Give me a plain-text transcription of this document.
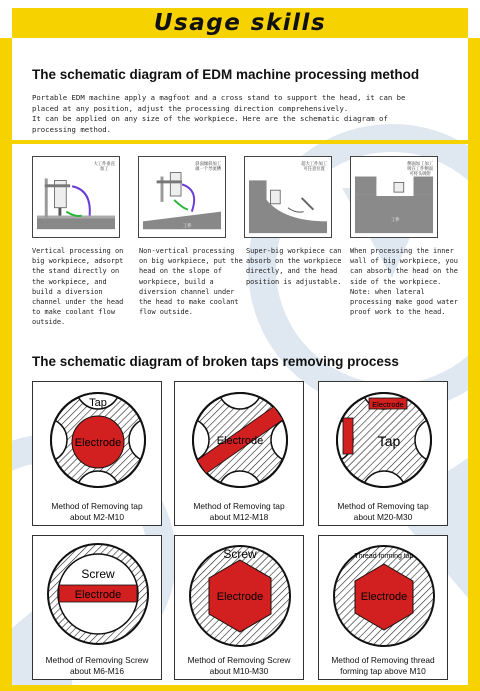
Usage skills
The schematic diagram of EDM machine processing method
Portable EDM machine apply a magfoot and a cross stand to support the head, it can be
placed at any position, adjust the processing direction comprehensively.
It can be applied on any size of the workpiece. Here are the schematic diagram of
processing method.
大工件垂直
加工
斜面倾斜加工
做一个导流槽
工件
超大工件加工
可任意位置
侧面加工加工
吸在工件侧面
可将头吸附
工件
Vertical processing on
big workpiece, adsorpt
the stand directly on
the workpiece, and
build a diversion
channel under the head
to make coolant flow
outside.
Non-vertical processing
on big workpiece, put the
head on the slope of
workpiece, build a
diversion channel under
the head to make coolant
flow outside.
Super-big workpiece can
absorb on the workpiece
directly, and the head
position is adjustable.
When processing the inner
wall of big workpiece, you
can absorb the head on the
side of the workpiece.
Note: when lateral
processing make good water
proof work to the head.
The schematic diagram of broken taps removing process
Tap
Electrode
Method of Removing tap
about M2-M10
Electrode
Method of Removing tap
about M12-M18
Electrode
Tap
Method of Removing tap
about M20-M30
Screw
Electrode
Method of Removing Screw
about M6-M16
Screw
Electrode
Method of Removing Screw
about M10-M30
Thread forming tap
Electrode
Method of Removing thread
forming tap above M10
